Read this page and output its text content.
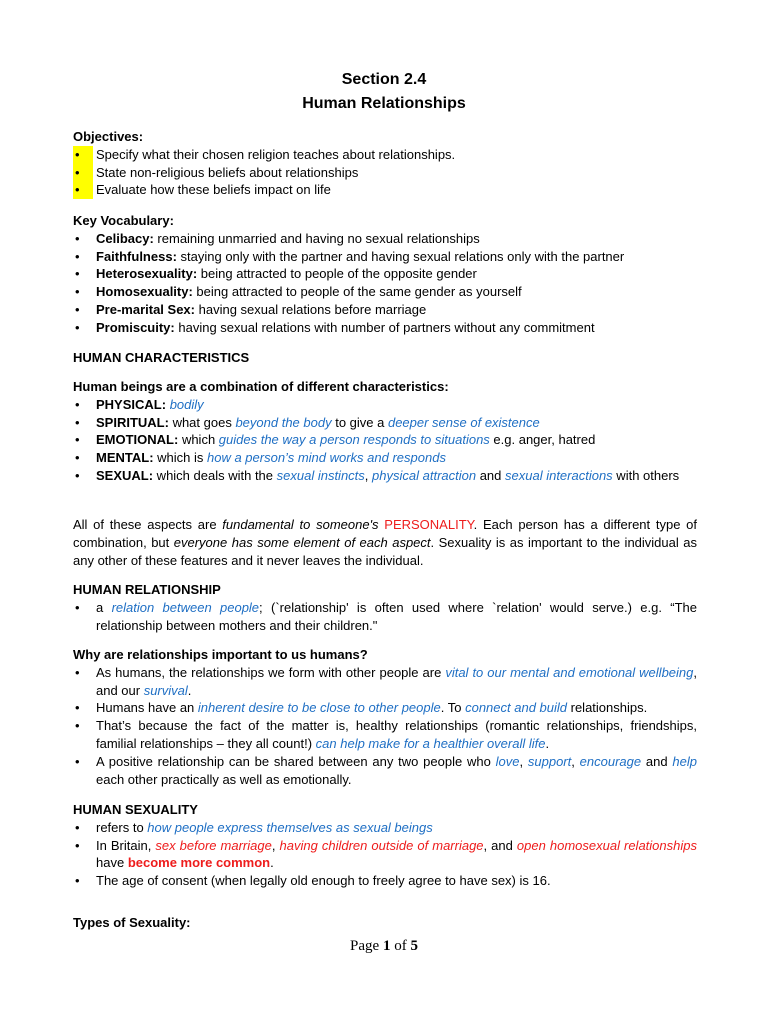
Section 2.4
Human Relationships

Objectives:

•
Specify what their chosen religion teaches about relationships.
•
State non-religious beliefs about relationships
•
Evaluate how these beliefs impact on life

Key Vocabulary:

Celibacy: remaining unmarried and having no sexual relationships
Faithfulness: staying only with the partner and having sexual relations only with the partner
Heterosexuality: being attracted to people of the opposite gender
Homosexuality: being attracted to people of the same gender as yourself
Pre-marital Sex: having sexual relations before marriage
Promiscuity: having sexual relations with number of partners without any commitment

HUMAN CHARACTERISTICS

Human beings are a combination of different characteristics:

PHYSICAL: bodily
SPIRITUAL: what goes beyond the body to give a deeper sense of existence
EMOTIONAL: which guides the way a person responds to situations e.g. anger, hatred
MENTAL: which is how a person’s mind works and responds
SEXUAL: which deals with the sexual instincts, physical attraction and sexual interactions with others

All of these aspects are fundamental to someone's PERSONALITY. Each person has a different type of combination, but everyone has some element of each aspect. Sexuality is as important to the individual as any other of these features and it never leaves the individual.

HUMAN RELATIONSHIP

a relation between people; (`relationship' is often used where `relation' would serve.) e.g. “The relationship between mothers and their children."

Why are relationships important to us humans?

As humans, the relationships we form with other people are vital to our mental and emotional wellbeing, and our survival.
Humans have an inherent desire to be close to other people. To connect and build relationships.
That’s because the fact of the matter is, healthy relationships (romantic relationships, friendships, familial relationships – they all count!) can help make for a healthier overall life.
A positive relationship can be shared between any two people who love, support, encourage and help each other practically as well as emotionally.

HUMAN SEXUALITY

refers to how people express themselves as sexual beings
In Britain, sex before marriage, having children outside of marriage, and open homosexual relationships have become more common.
The age of consent (when legally old enough to freely agree to have sex) is 16.

Types of Sexuality:

Page 1 of 5
